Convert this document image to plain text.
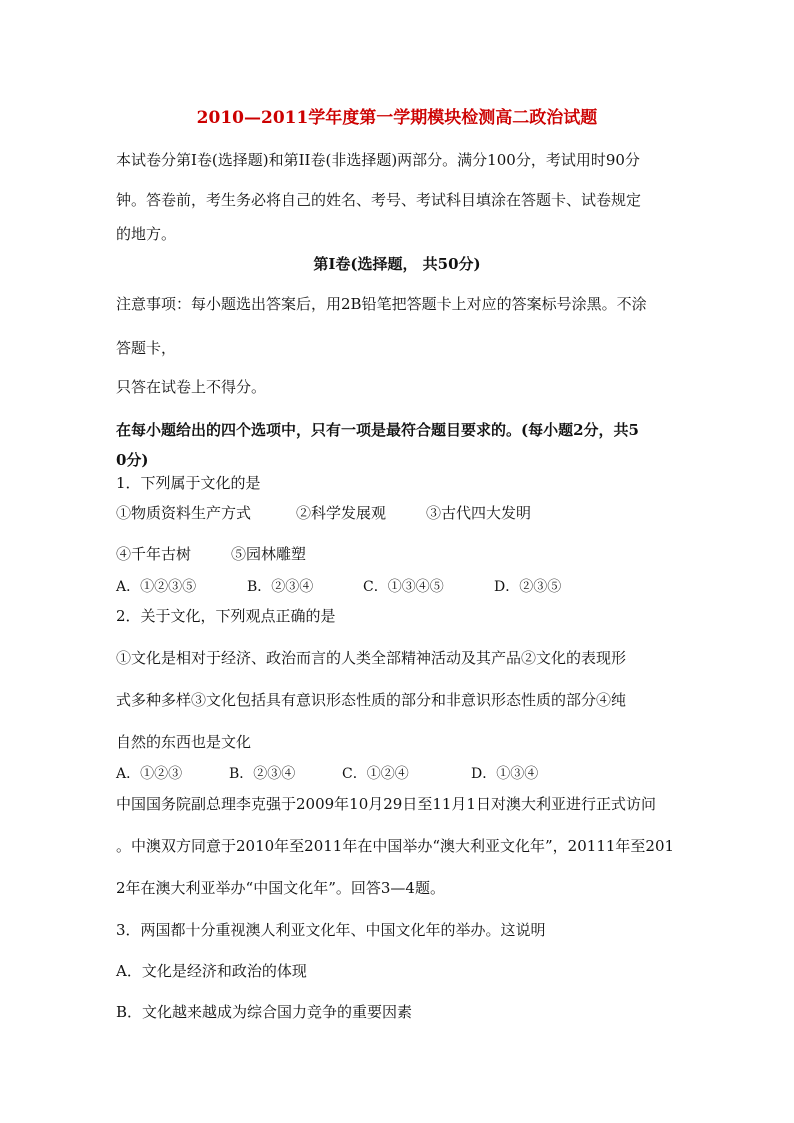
2010—2011学年度第一学期模块检测高二政治试题
本试卷分第I卷(选择题)和第II卷(非选择题)两部分。满分100分，考试用时90分
钟。答卷前，考生务必将自己的姓名、考号、考试科目填涂在答题卡、试卷规定
的地方。
第I卷(选择题， 共50分)
注意事项：每小题选出答案后，用2B铅笔把答题卡上对应的答案标号涂黑。不涂
答题卡，
只答在试卷上不得分。
在每小题给出的四个选项中，只有一项是最符合题目要求的。(每小题2分，共5
0分)
1．下列属于文化的是
①物质资料生产方式	②科学发展观	③古代四大发明
④千年古树	⑤园林雕塑
A．①②③⑤	B．②③④	C．①③④⑤	D．②③⑤
2．关于文化，下列观点正确的是
①文化是相对于经济、政治而言的人类全部精神活动及其产品②文化的表现形
式多种多样③文化包括具有意识形态性质的部分和非意识形态性质的部分④纯
自然的东西也是文化
A．①②③	B．②③④	C．①②④	D．①③④
中国国务院副总理李克强于2009年10月29日至11月1日对澳大利亚进行正式访问
。中澳双方同意于2010年至2011年在中国举办“澳大利亚文化年”，20111年至201
2年在澳大利亚举办“中国文化年”。回答3—4题。
3．两国都十分重视澳人利亚文化年、中国文化年的举办。这说明
A．文化是经济和政治的体现
B．文化越来越成为综合国力竞争的重要因素
